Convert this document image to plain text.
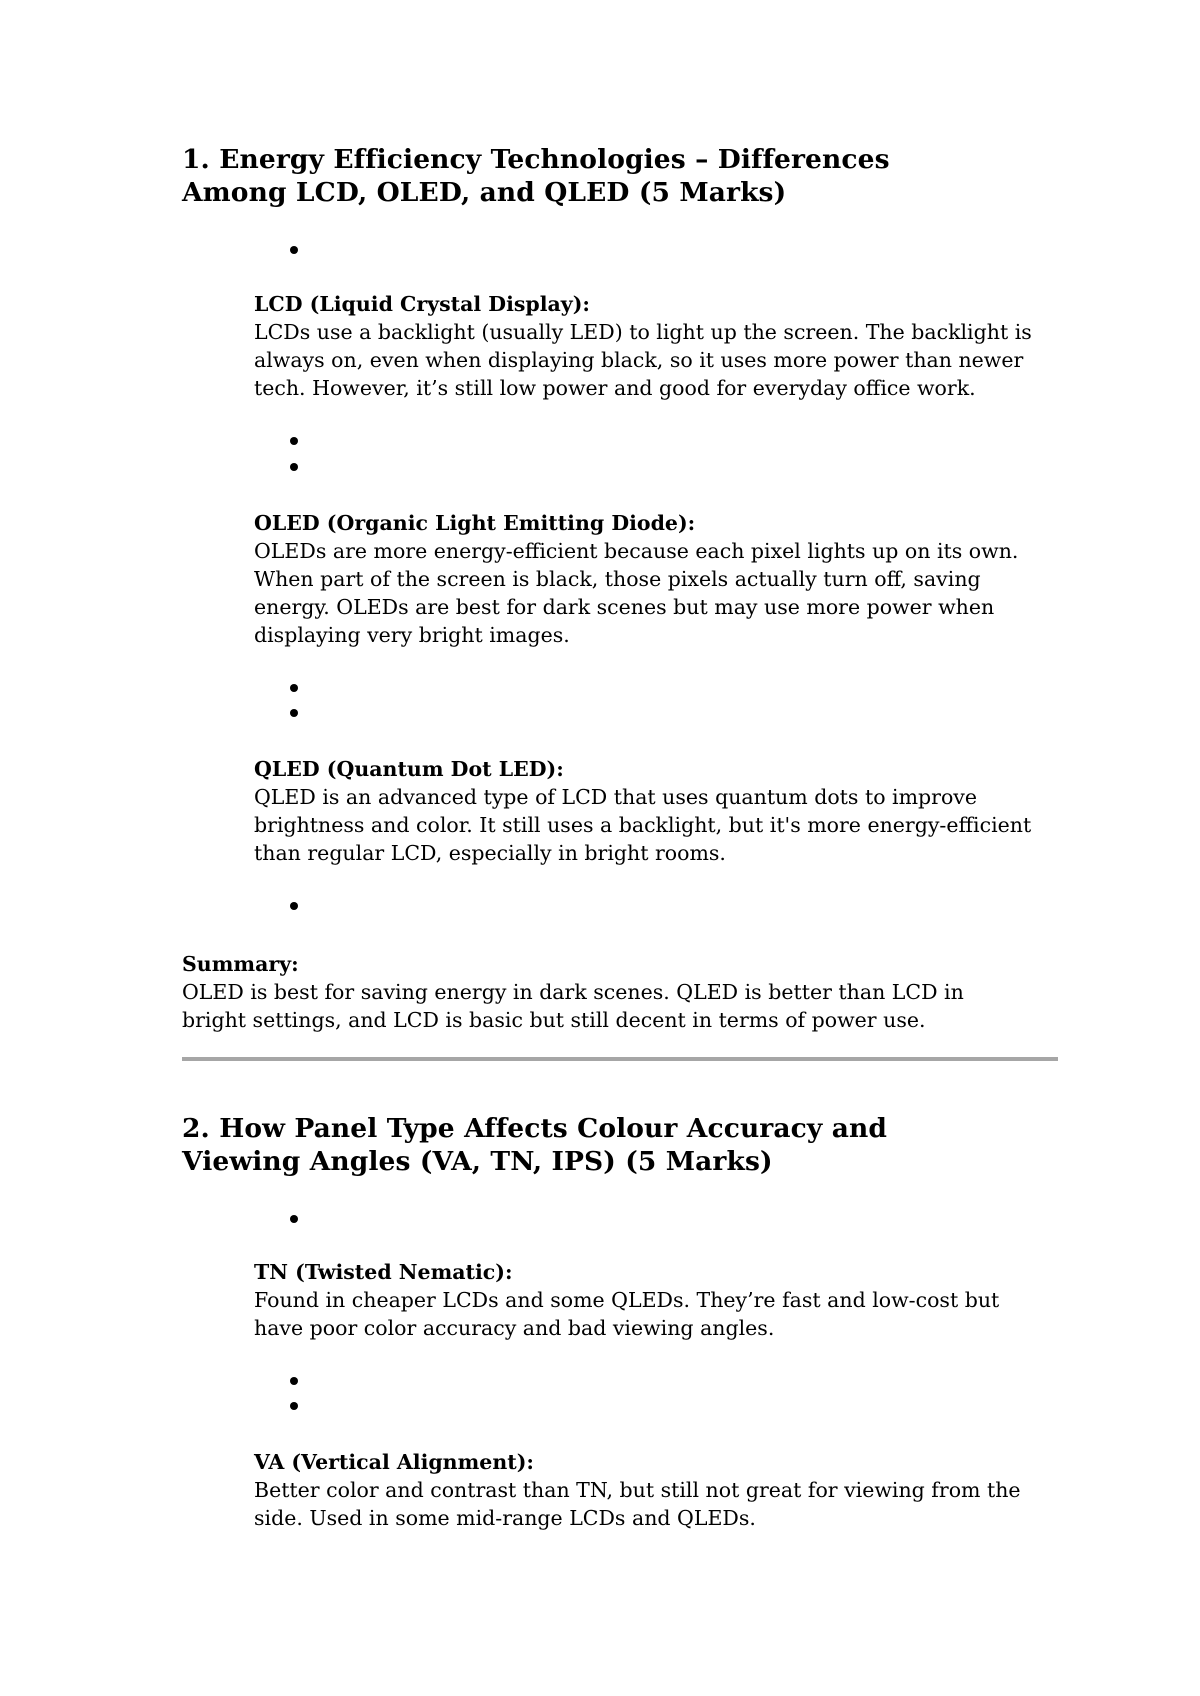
1. Energy Efficiency Technologies – Differences Among LCD, OLED, and QLED (5 Marks)
LCD (Liquid Crystal Display):
LCDs use a backlight (usually LED) to light up the screen. The backlight is always on, even when displaying black, so it uses more power than newer tech. However, it’s still low power and good for everyday office work.
OLED (Organic Light Emitting Diode):
OLEDs are more energy-efficient because each pixel lights up on its own. When part of the screen is black, those pixels actually turn off, saving energy. OLEDs are best for dark scenes but may use more power when displaying very bright images.
QLED (Quantum Dot LED):
QLED is an advanced type of LCD that uses quantum dots to improve brightness and color. It still uses a backlight, but it's more energy-efficient than regular LCD, especially in bright rooms.
Summary:
OLED is best for saving energy in dark scenes. QLED is better than LCD in bright settings, and LCD is basic but still decent in terms of power use.
2. How Panel Type Affects Colour Accuracy and Viewing Angles (VA, TN, IPS) (5 Marks)
TN (Twisted Nematic):
Found in cheaper LCDs and some QLEDs. They’re fast and low-cost but have poor color accuracy and bad viewing angles.
VA (Vertical Alignment):
Better color and contrast than TN, but still not great for viewing from the side. Used in some mid-range LCDs and QLEDs.
